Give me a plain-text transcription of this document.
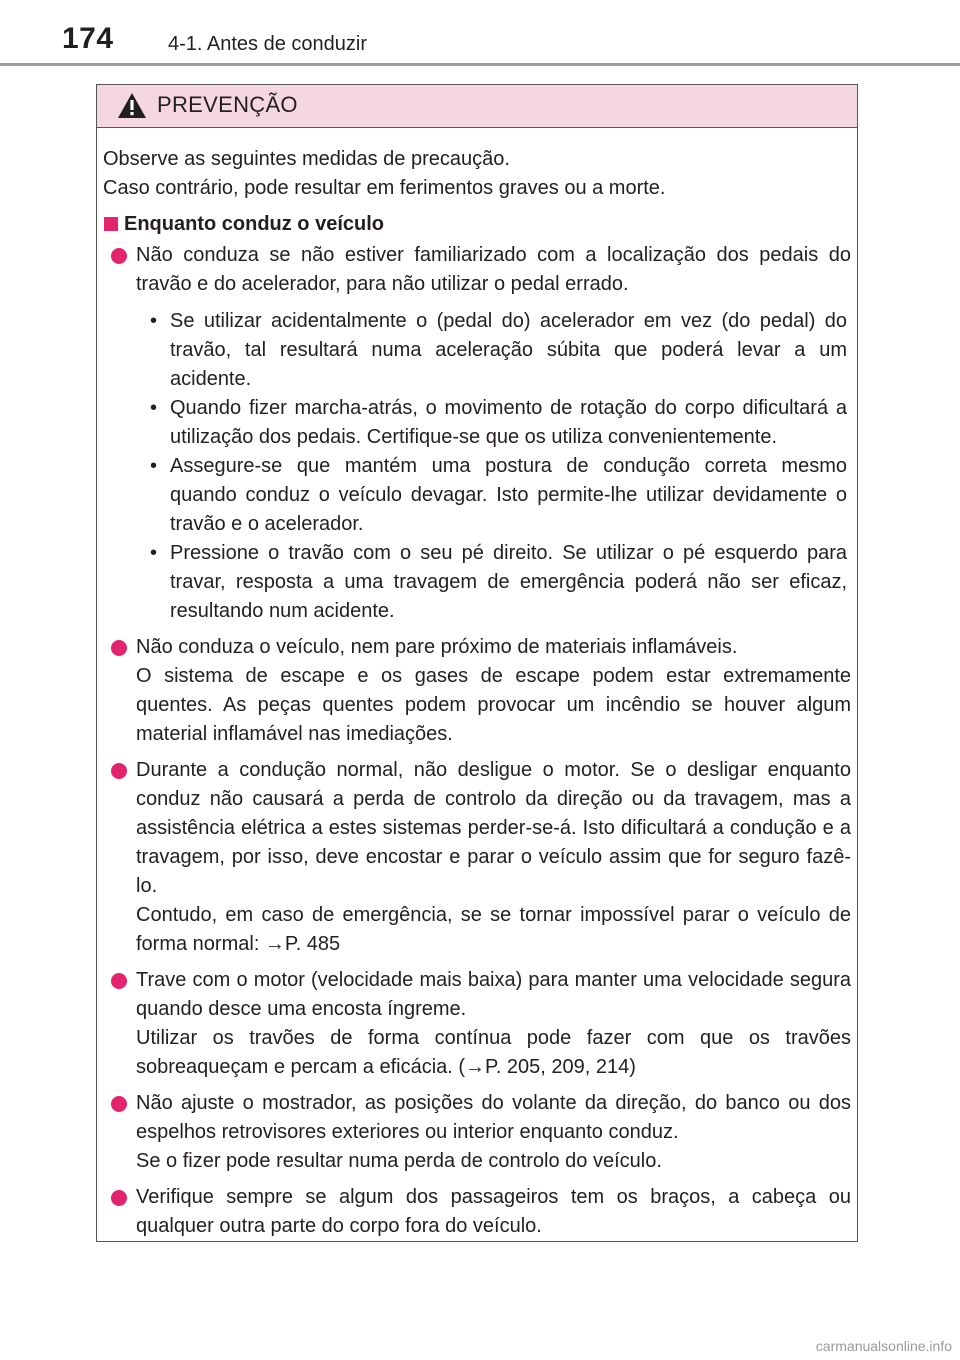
174	4-1. Antes de conduzir
PREVENÇÃO

Observe as seguintes medidas de precaução.
Caso contrário, pode resultar em ferimentos graves ou a morte.

Enquanto conduz o veículo
Não conduza se não estiver familiarizado com a localização dos pedais do travão e do acelerador, para não utilizar o pedal errado.
• Se utilizar acidentalmente o (pedal do) acelerador em vez (do pedal) do travão, tal resultará numa aceleração súbita que poderá levar a um acidente.
• Quando fizer marcha-atrás, o movimento de rotação do corpo dificultará a utilização dos pedais. Certifique-se que os utiliza convenientemente.
• Assegure-se que mantém uma postura de condução correta mesmo quando conduz o veículo devagar. Isto permite-lhe utilizar devidamente o travão e o acelerador.
• Pressione o travão com o seu pé direito. Se utilizar o pé esquerdo para travar, resposta a uma travagem de emergência poderá não ser eficaz, resultando num acidente.
Não conduza o veículo, nem pare próximo de materiais inflamáveis.
O sistema de escape e os gases de escape podem estar extremamente quentes. As peças quentes podem provocar um incêndio se houver algum material inflamável nas imediações.
Durante a condução normal, não desligue o motor. Se o desligar enquanto conduz não causará a perda de controlo da direção ou da travagem, mas a assistência elétrica a estes sistemas perder-se-á. Isto dificultará a condução e a travagem, por isso, deve encostar e parar o veículo assim que for seguro fazê-lo.
Contudo, em caso de emergência, se se tornar impossível parar o veículo de forma normal: →P. 485
Trave com o motor (velocidade mais baixa) para manter uma velocidade segura quando desce uma encosta íngreme.
Utilizar os travões de forma contínua pode fazer com que os travões sobreaqueçam e percam a eficácia. (→P. 205, 209, 214)
Não ajuste o mostrador, as posições do volante da direção, do banco ou dos espelhos retrovisores exteriores ou interior enquanto conduz.
Se o fizer pode resultar numa perda de controlo do veículo.
Verifique sempre se algum dos passageiros tem os braços, a cabeça ou qualquer outra parte do corpo fora do veículo.
carmanualsonline.info
